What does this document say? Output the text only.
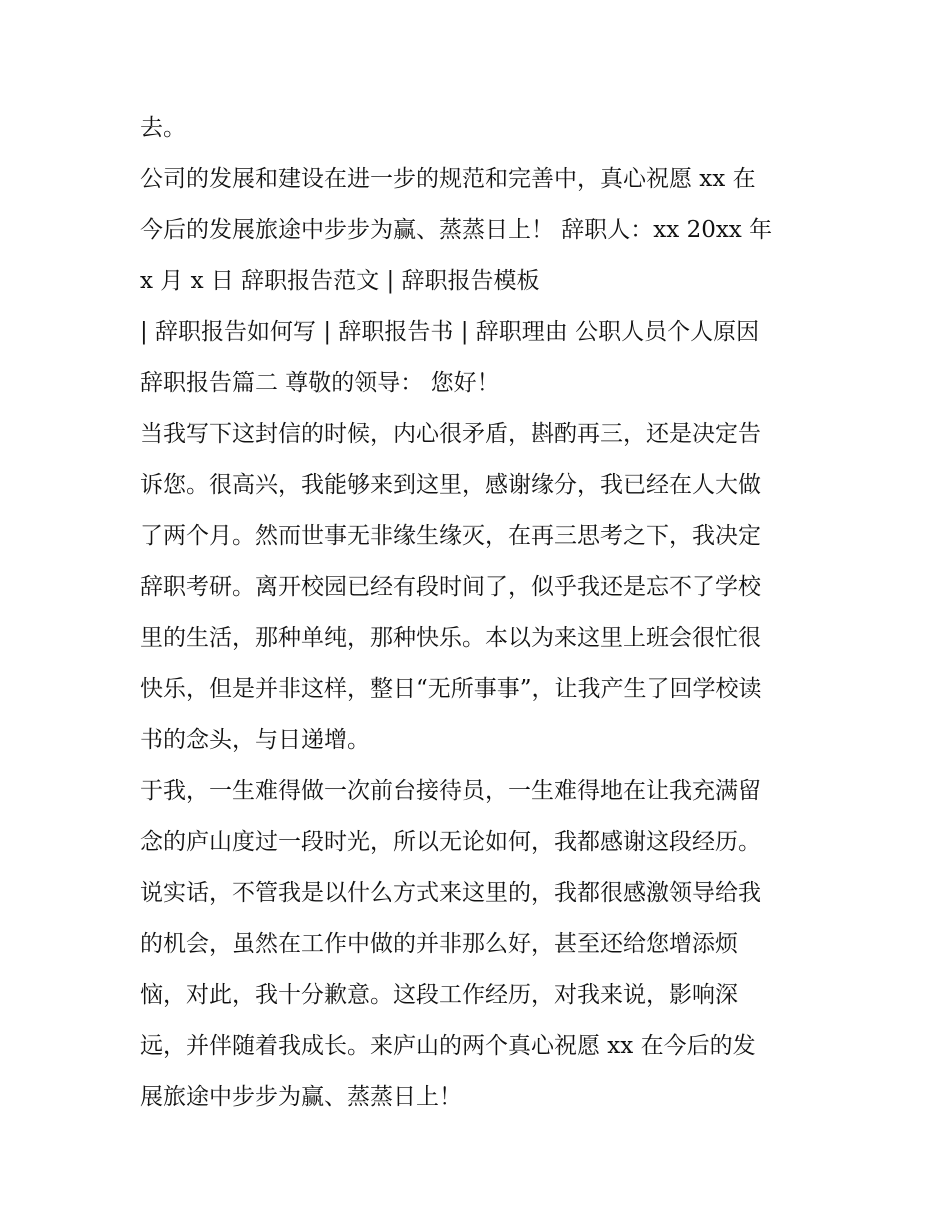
去。
公司的发展和建设在进一步的规范和完善中，真心祝愿 xx 在
今后的发展旅途中步步为赢、蒸蒸日上！ 辞职人：xx 20xx 年
x 月 x 日 辞职报告范文 | 辞职报告模板
| 辞职报告如何写 | 辞职报告书 | 辞职理由 公职人员个人原因
辞职报告篇二 尊敬的领导： 您好！
当我写下这封信的时候，内心很矛盾，斟酌再三，还是决定告
诉您。很高兴，我能够来到这里，感谢缘分，我已经在人大做
了两个月。然而世事无非缘生缘灭，在再三思考之下，我决定
辞职考研。离开校园已经有段时间了，似乎我还是忘不了学校
里的生活，那种单纯，那种快乐。本以为来这里上班会很忙很
快乐，但是并非这样，整日“无所事事”，让我产生了回学校读
书的念头，与日递增。
于我，一生难得做一次前台接待员，一生难得地在让我充满留
念的庐山度过一段时光，所以无论如何，我都感谢这段经历。
说实话，不管我是以什么方式来这里的，我都很感激领导给我
的机会，虽然在工作中做的并非那么好，甚至还给您增添烦
恼，对此，我十分歉意。这段工作经历，对我来说，影响深
远，并伴随着我成长。来庐山的两个真心祝愿 xx 在今后的发
展旅途中步步为赢、蒸蒸日上！
